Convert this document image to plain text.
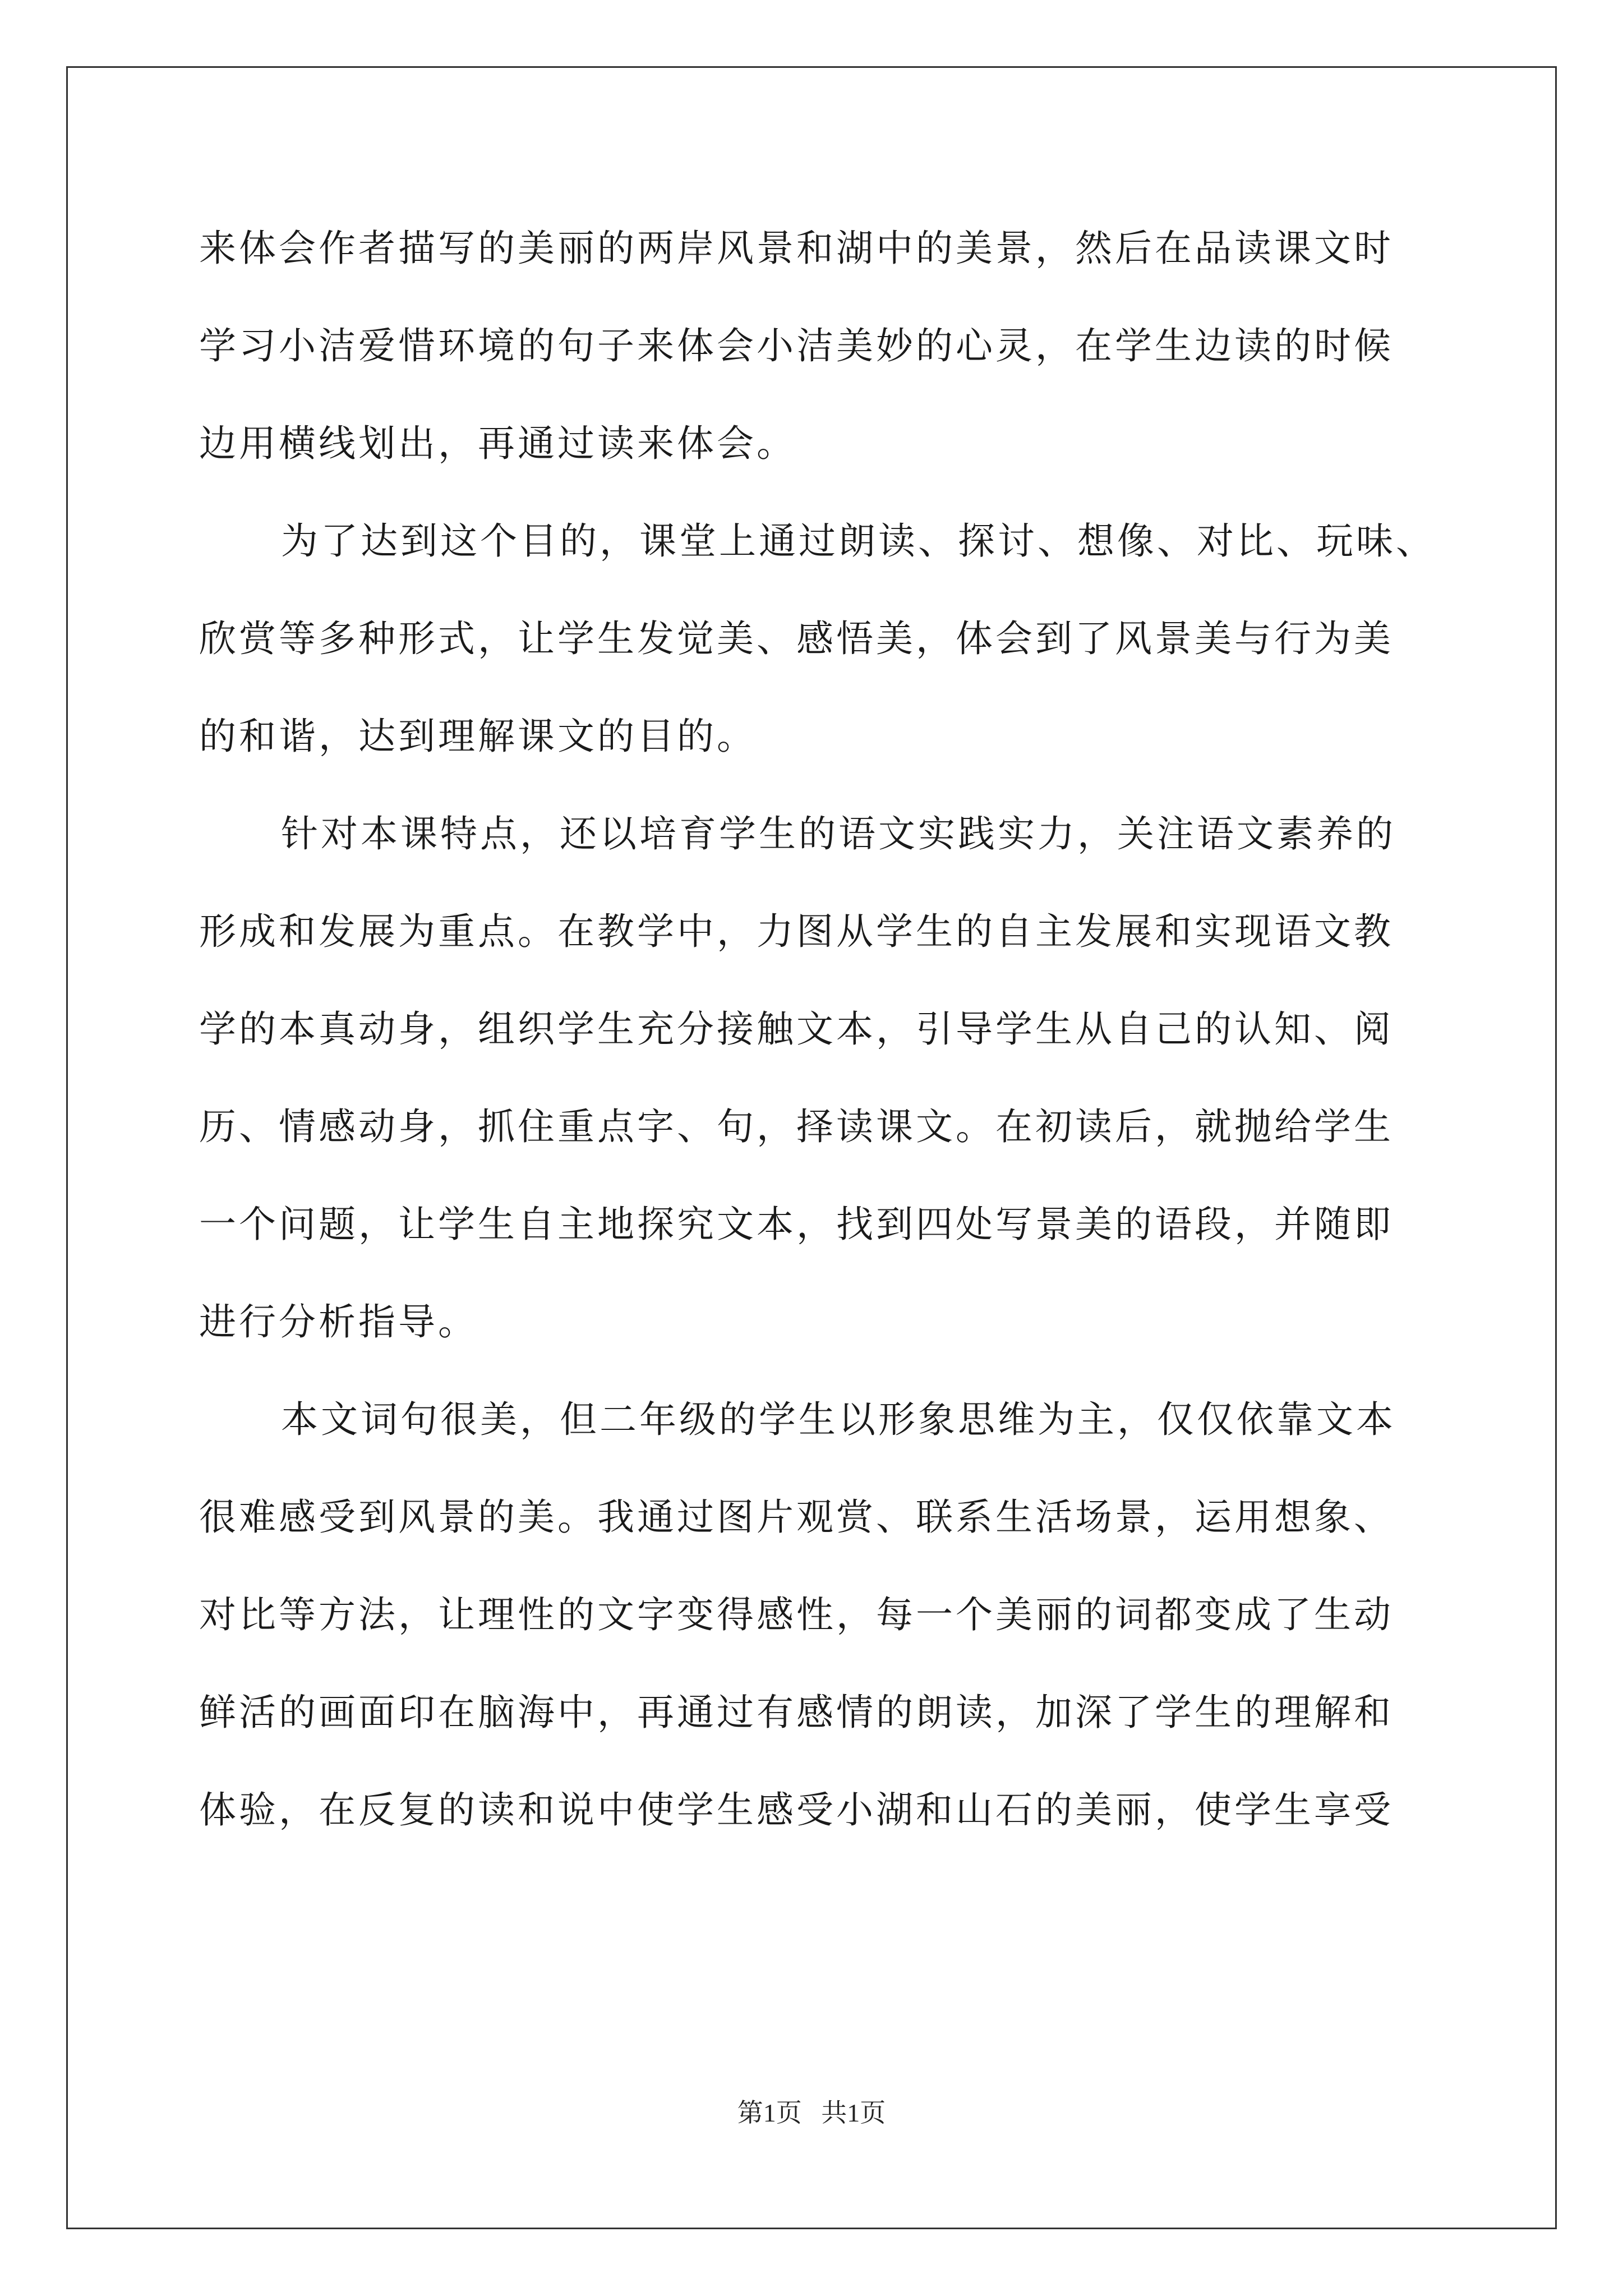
来体会作者描写的美丽的两岸风景和湖中的美景，然后在品读课文时
学习小洁爱惜环境的句子来体会小洁美妙的心灵，在学生边读的时候
边用横线划出，再通过读来体会。
为了达到这个目的，课堂上通过朗读、探讨、想像、对比、玩味、
欣赏等多种形式，让学生发觉美、感悟美，体会到了风景美与行为美
的和谐，达到理解课文的目的。
针对本课特点，还以培育学生的语文实践实力，关注语文素养的
形成和发展为重点。在教学中，力图从学生的自主发展和实现语文教
学的本真动身，组织学生充分接触文本，引导学生从自己的认知、阅
历、情感动身，抓住重点字、句，择读课文。在初读后，就抛给学生
一个问题，让学生自主地探究文本，找到四处写景美的语段，并随即
进行分析指导。
本文词句很美，但二年级的学生以形象思维为主，仅仅依靠文本
很难感受到风景的美。我通过图片观赏、联系生活场景，运用想象、
对比等方法，让理性的文字变得感性，每一个美丽的词都变成了生动
鲜活的画面印在脑海中，再通过有感情的朗读，加深了学生的理解和
体验，在反复的读和说中使学生感受小湖和山石的美丽，使学生享受
第1页   共1页
